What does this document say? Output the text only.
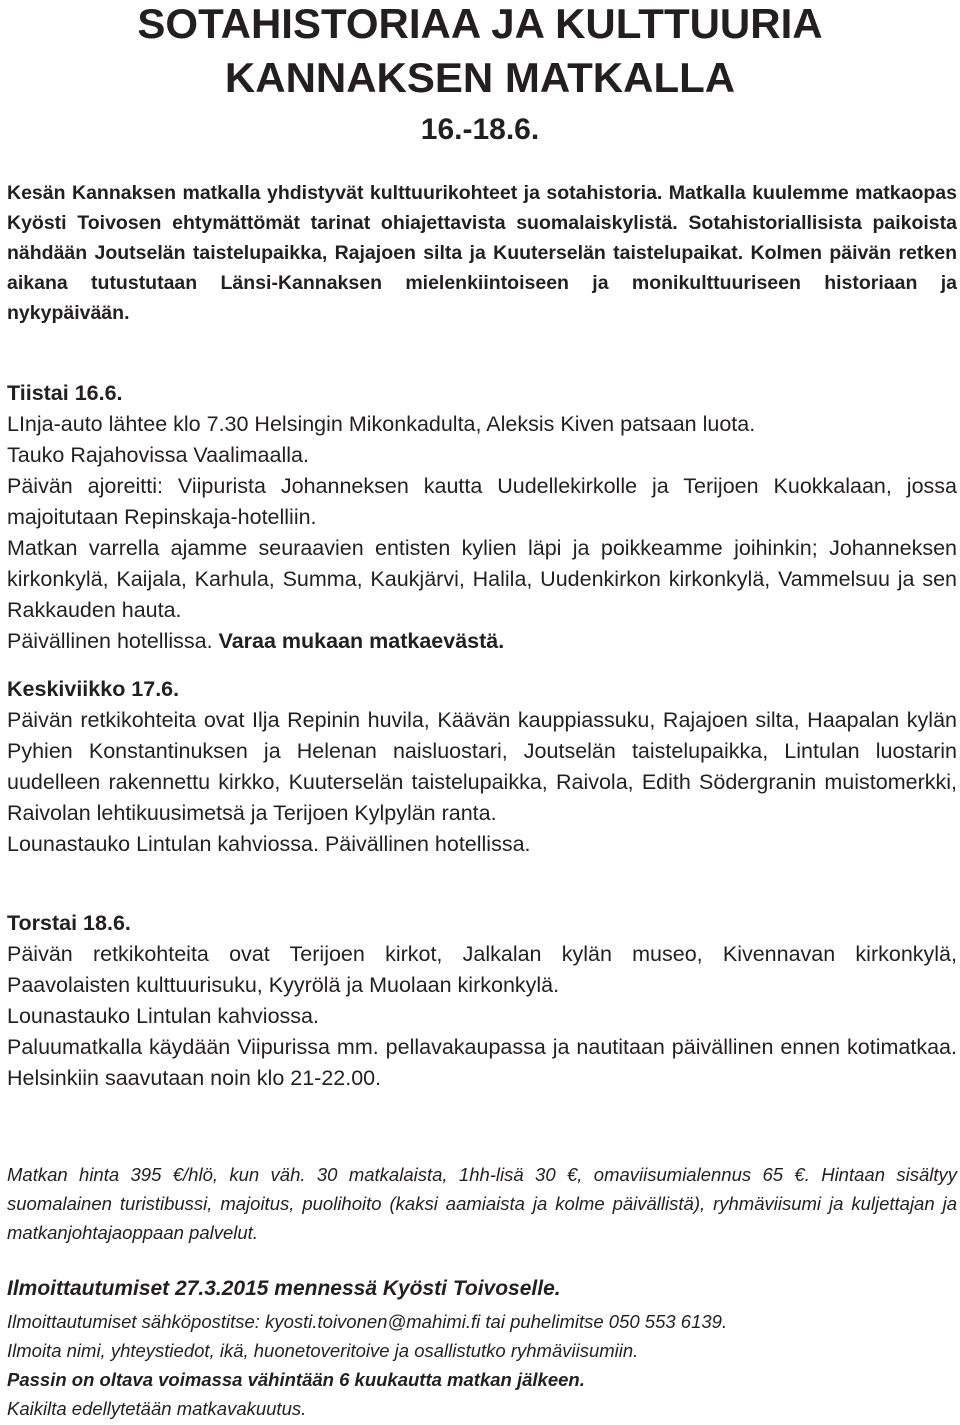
SOTAHISTORIAA JA KULTTUURIA
KANNAKSEN MATKALLA
16.-18.6.

Kesän Kannaksen matkalla yhdistyvät kulttuurikohteet ja sotahistoria. Matkalla kuulemme matkaopas Kyösti Toivosen ehtymättömät tarinat ohiajettavista suomalaiskylistä. Sotahistoriallisista paikoista nähdään Joutselän taistelupaikka, Rajajoen silta ja Kuuterselän taistelupaikat. Kolmen päivän retken aikana tutustutaan Länsi-Kannaksen mielenkiintoiseen ja monikulttuuriseen historiaan ja nykypäivään.

Tiistai 16.6.

LInja-auto lähtee klo 7.30 Helsingin Mikonkadulta, Aleksis Kiven patsaan luota.

Tauko Rajahovissa Vaalimaalla.

Päivän ajoreitti: Viipurista Johanneksen kautta Uudellekirkolle ja Terijoen Kuokkalaan, jossa majoitutaan Repinskaja-hotelliin.

Matkan varrella ajamme seuraavien entisten kylien läpi ja poikkeamme joihinkin; Johanneksen kirkonkylä, Kaijala, Karhula, Summa, Kaukjärvi, Halila, Uudenkirkon kirkonkylä, Vammelsuu ja sen Rakkauden hauta.

Päivällinen hotellissa. Varaa mukaan matkaevästä.

Keskiviikko 17.6.

Päivän retkikohteita ovat Ilja Repinin huvila, Käävän kauppiassuku, Rajajoen silta, Haapalan kylän Pyhien Konstantinuksen ja Helenan naisluostari, Joutselän taistelupaikka, Lintulan luostarin uudelleen rakennettu kirkko, Kuuterselän taistelupaikka, Raivola, Edith Södergranin muistomerkki, Raivolan lehtikuusimetsä ja Terijoen Kylpylän ranta.

Lounastauko Lintulan kahviossa. Päivällinen hotellissa.

Torstai 18.6.

Päivän retkikohteita ovat Terijoen kirkot, Jalkalan kylän museo, Kivennavan kirkonkylä, Paavolaisten kulttuurisuku, Kyyrölä ja Muolaan kirkonkylä.

Lounastauko Lintulan kahviossa.

Paluumatkalla käydään Viipurissa mm. pellavakaupassa ja nautitaan päivällinen ennen kotimatkaa. Helsinkiin saavutaan noin klo 21-22.00.

Matkan hinta 395 €/hlö, kun väh. 30 matkalaista, 1hh-lisä 30 €, omaviisumialennus 65 €. Hintaan sisältyy suomalainen turistibussi, majoitus, puolihoito (kaksi aamiaista ja kolme päivällistä), ryhmäviisumi ja kuljettajan ja matkanjohtajaoppaan palvelut.

Ilmoittautumiset 27.3.2015 mennessä Kyösti Toivoselle.

Ilmoittautumiset sähköpostitse: kyosti.toivonen@mahimi.fi tai puhelimitse 050 553 6139.

Ilmoita nimi, yhteystiedot, ikä, huonetoveritoive ja osallistutko ryhmäviisumiin.

Passin on oltava voimassa vähintään 6 kuukautta matkan jälkeen.

Kaikilta edellytetään matkavakuutus.
